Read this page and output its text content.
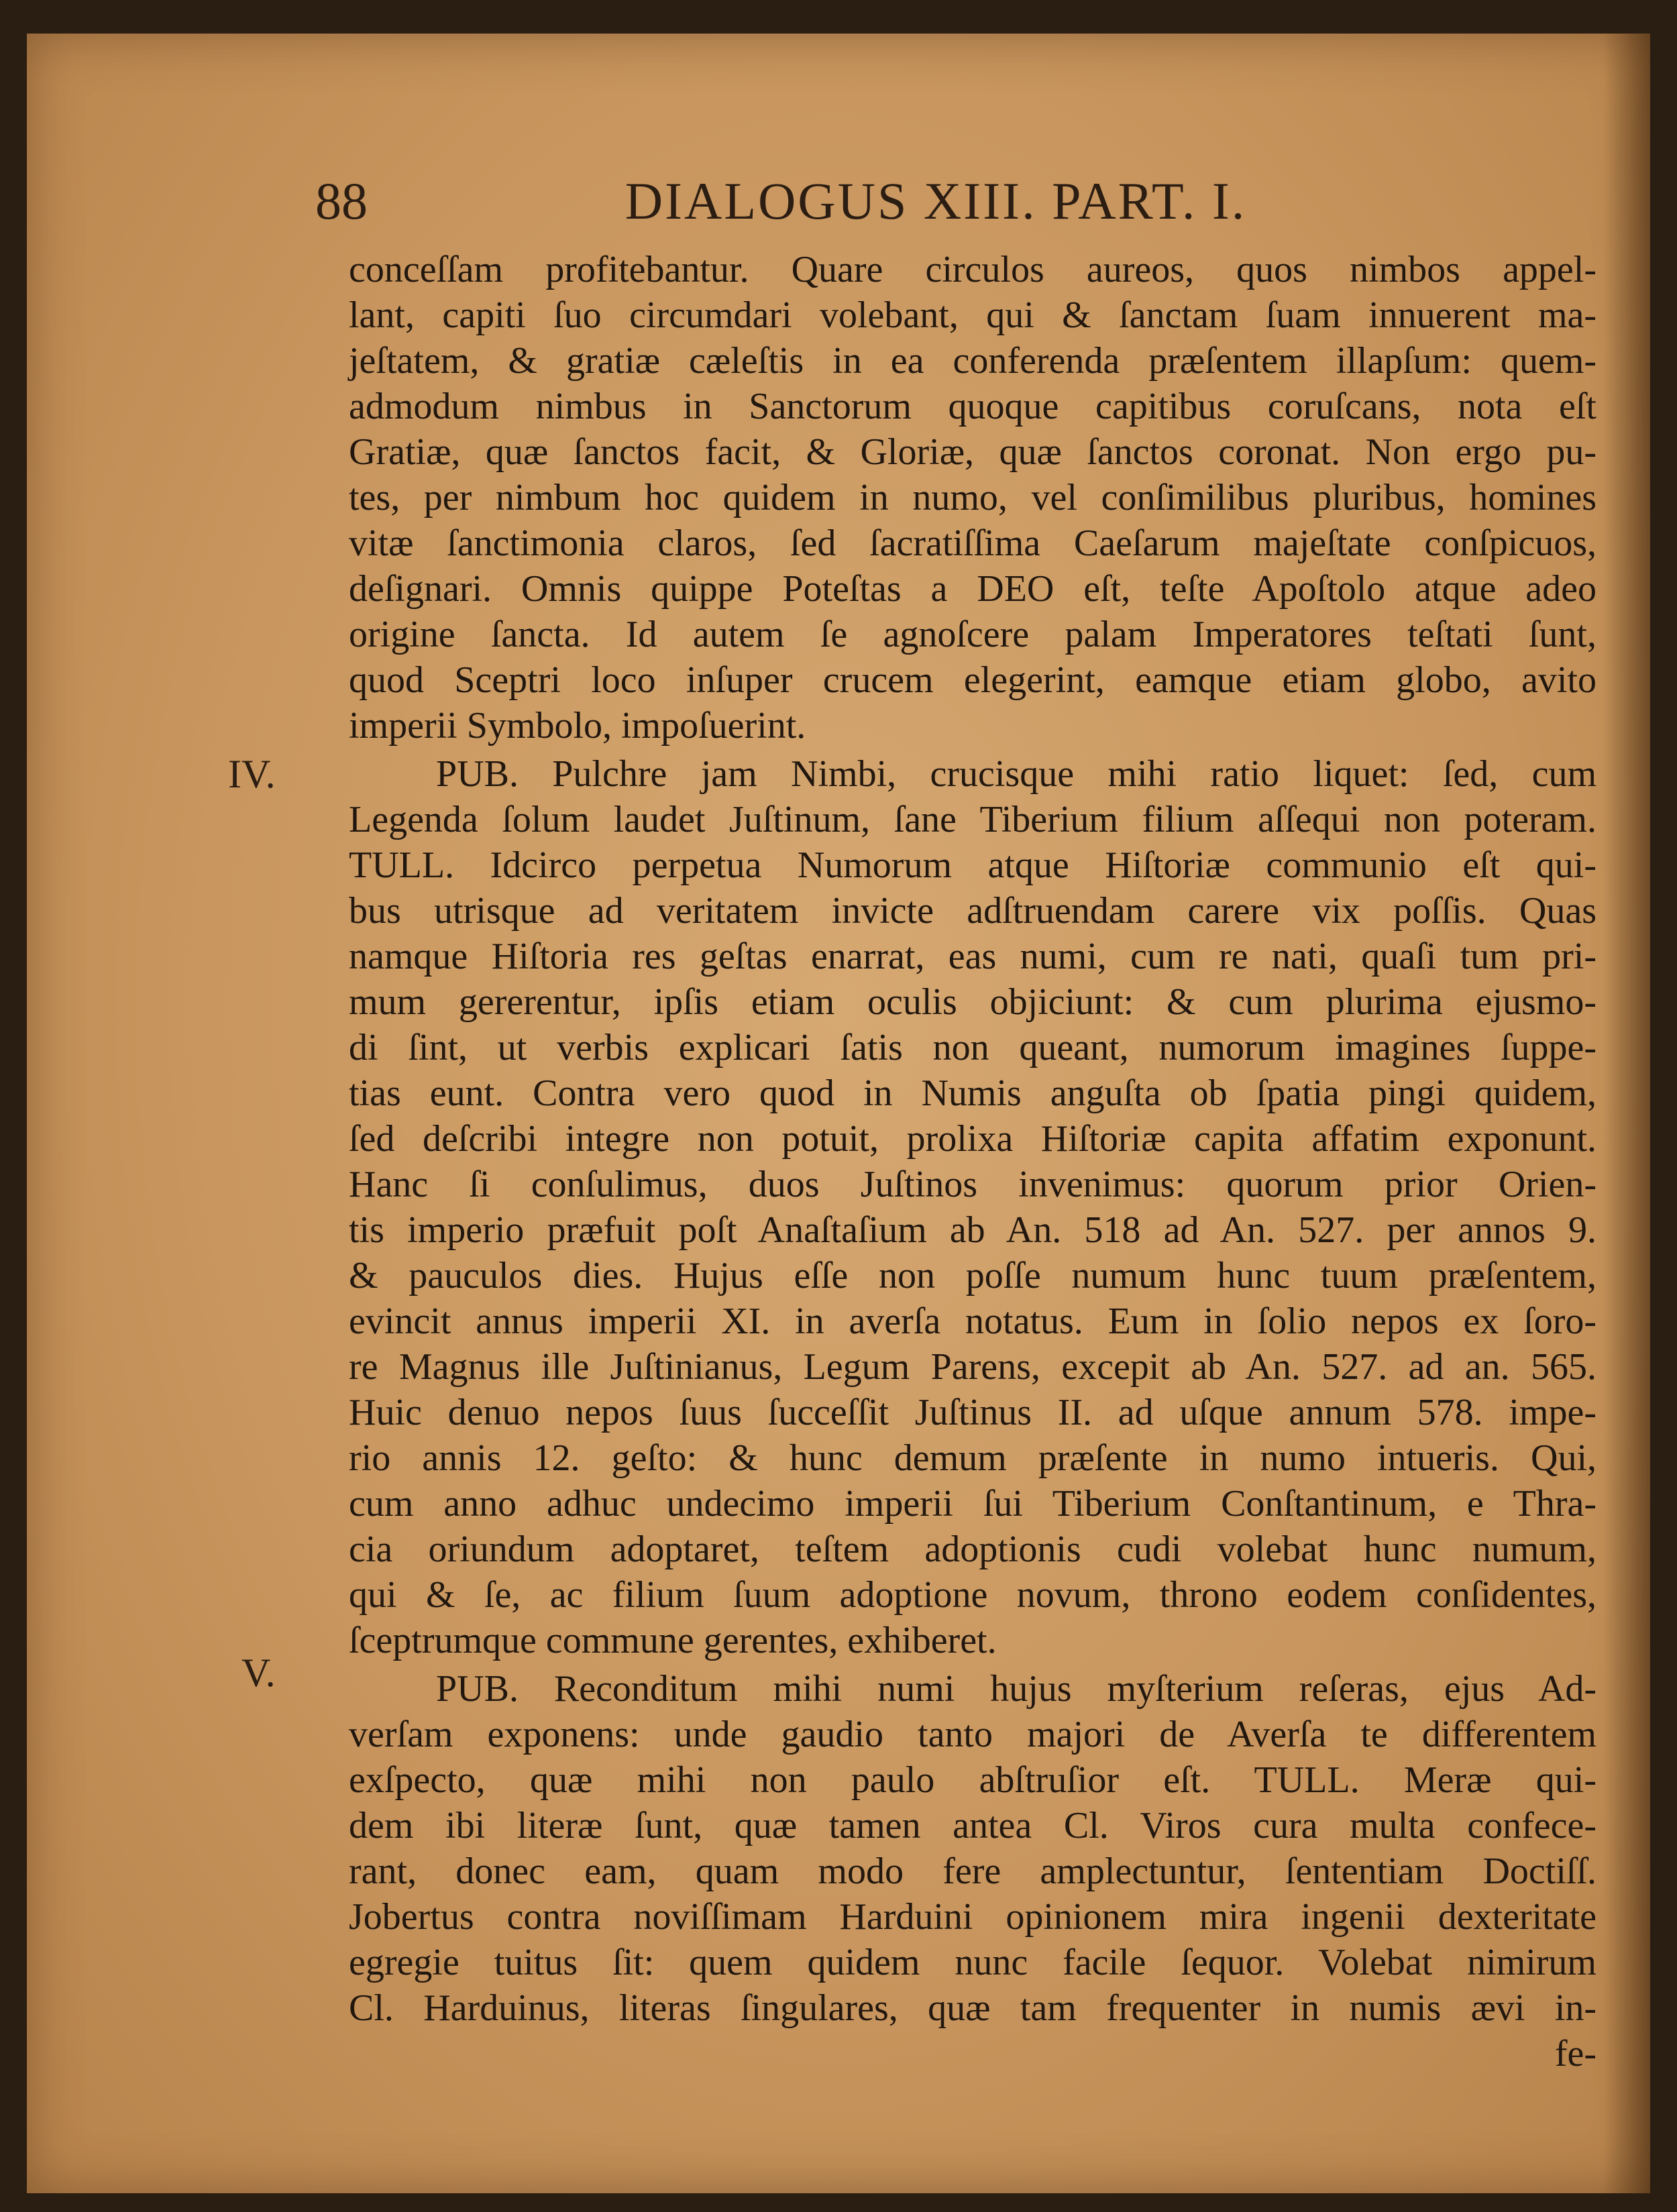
88	DIALOGUS XIII. PART. I.
IV.
V.
conceſſam profitebantur. Quare circulos aureos, quos nimbos appel-
lant, capiti ſuo circumdari volebant, qui & ſanctam ſuam innuerent ma-
jeſtatem, & gratiæ cæleſtis in ea conferenda præſentem illapſum: quem-
admodum nimbus in Sanctorum quoque capitibus coruſcans, nota eſt
Gratiæ, quæ ſanctos facit, & Gloriæ, quæ ſanctos coronat. Non ergo pu-
tes, per nimbum hoc quidem in numo, vel conſimilibus pluribus, homines
vitæ ſanctimonia claros, ſed ſacratiſſima Caeſarum majeſtate conſpicuos,
deſignari. Omnis quippe Poteſtas a DEO eſt, teſte Apoſtolo atque adeo
origine ſancta. Id autem ſe agnoſcere palam Imperatores teſtati ſunt,
quod Sceptri loco inſuper crucem elegerint, eamque etiam globo, avito
imperii Symbolo, impoſuerint.
PUB. Pulchre jam Nimbi, crucisque mihi ratio liquet: ſed, cum
Legenda ſolum laudet Juſtinum, ſane Tiberium filium aſſequi non poteram.
TULL. Idcirco perpetua Numorum atque Hiſtoriæ communio eſt qui-
bus utrisque ad veritatem invicte adſtruendam carere vix poſſis. Quas
namque Hiſtoria res geſtas enarrat, eas numi, cum re nati, quaſi tum pri-
mum gererentur, ipſis etiam oculis objiciunt: & cum plurima ejusmo-
di ſint, ut verbis explicari ſatis non queant, numorum imagines ſuppe-
tias eunt. Contra vero quod in Numis anguſta ob ſpatia pingi quidem,
ſed deſcribi integre non potuit, prolixa Hiſtoriæ capita affatim exponunt.
Hanc ſi conſulimus, duos Juſtinos invenimus: quorum prior Orien-
tis imperio præfuit poſt Anaſtaſium ab An. 518 ad An. 527. per annos 9.
& pauculos dies. Hujus eſſe non poſſe numum hunc tuum præſentem,
evincit annus imperii XI. in averſa notatus. Eum in ſolio nepos ex ſoro-
re Magnus ille Juſtinianus, Legum Parens, excepit ab An. 527. ad an. 565.
Huic denuo nepos ſuus ſucceſſit Juſtinus II. ad uſque annum 578. impe-
rio annis 12. geſto: & hunc demum præſente in numo intueris. Qui,
cum anno adhuc undecimo imperii ſui Tiberium Conſtantinum, e Thra-
cia oriundum adoptaret, teſtem adoptionis cudi volebat hunc numum,
qui & ſe, ac filium ſuum adoptione novum, throno eodem conſidentes,
ſceptrumque commune gerentes, exhiberet.
PUB. Reconditum mihi numi hujus myſterium reſeras, ejus Ad-
verſam exponens: unde gaudio tanto majori de Averſa te differentem
exſpecto, quæ mihi non paulo abſtruſior eſt. TULL. Meræ qui-
dem ibi literæ ſunt, quæ tamen antea Cl. Viros cura multa confece-
rant, donec eam, quam modo fere amplectuntur, ſententiam Doctiſſ.
Jobertus contra noviſſimam Harduini opinionem mira ingenii dexteritate
egregie tuitus ſit: quem quidem nunc facile ſequor. Volebat nimirum
Cl. Harduinus, literas ſingulares, quæ tam frequenter in numis ævi in-
fe-
